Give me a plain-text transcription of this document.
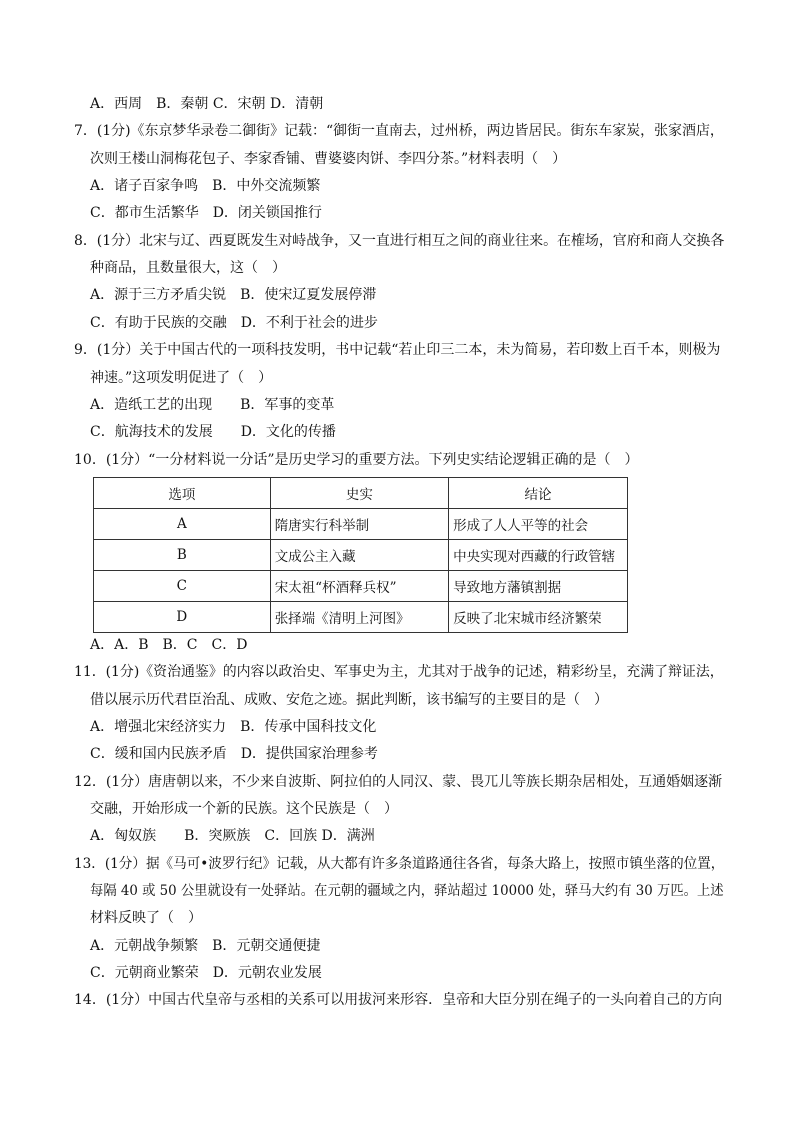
A．西周　B．秦朝 C．宋朝 D．清朝
7．(1分)《东京梦华录卷二御街》记载：“御街一直南去，过州桥，两边皆居民。街东车家炭，张家酒店，
次则王楼山洞梅花包子、李家香铺、曹婆婆肉饼、李四分茶。”材料表明（　）
A．诸子百家争鸣　B．中外交流频繁
C．都市生活繁华　D．闭关锁国推行
8．(1分）北宋与辽、西夏既发生对峙战争，又一直进行相互之间的商业往来。在榷场，官府和商人交换各
种商品，且数量很大，这（　）
A．源于三方矛盾尖锐　B．使宋辽夏发展停滞
C．有助于民族的交融　D．不利于社会的进步
9．(1分）关于中国古代的一项科技发明，书中记载“若止印三二本，未为简易，若印数上百千本，则极为
神速。”这项发明促进了（　）
A．造纸工艺的出现　　B．军事的变革
C．航海技术的发展　　D．文化的传播
10．(1分）“一分材料说一分话”是历史学习的重要方法。下列史实结论逻辑正确的是（　）
选项	史实	结论
A	隋唐实行科举制	形成了人人平等的社会
B	文成公主入藏	中央实现对西藏的行政管辖
C	宋太祖“杯酒释兵权”	导致地方藩镇割据
D	张择端《清明上河图》	反映了北宋城市经济繁荣
A．A．B　B．C　C．D
11．(1分)《资治通鉴》的内容以政治史、军事史为主，尤其对于战争的记述，精彩纷呈，充满了辩证法，
借以展示历代君臣治乱、成败、安危之迹。据此判断，该书编写的主要目的是（　）
A．增强北宋经济实力　B．传承中国科技文化
C．缓和国内民族矛盾　D．提供国家治理参考
12．(1分）唐唐朝以来，不少来自波斯、阿拉伯的人同汉、蒙、畏兀儿等族长期杂居相处，互通婚姻逐渐
交融，开始形成一个新的民族。这个民族是（　）
A．匈奴族　　B．突厥族　C．回族 D．满洲
13．(1分）据《马可•波罗行纪》记载，从大都有许多条道路通往各省，每条大路上，按照市镇坐落的位置，
每隔 40 或 50 公里就设有一处驿站。在元朝的疆域之内，驿站超过 10000 处，驿马大约有 30 万匹。上述
材料反映了（　）
A．元朝战争频繁　B．元朝交通便捷
C．元朝商业繁荣　D．元朝农业发展
14．(1分）中国古代皇帝与丞相的关系可以用拔河来形容．皇帝和大臣分别在绳子的一头向着自己的方向
